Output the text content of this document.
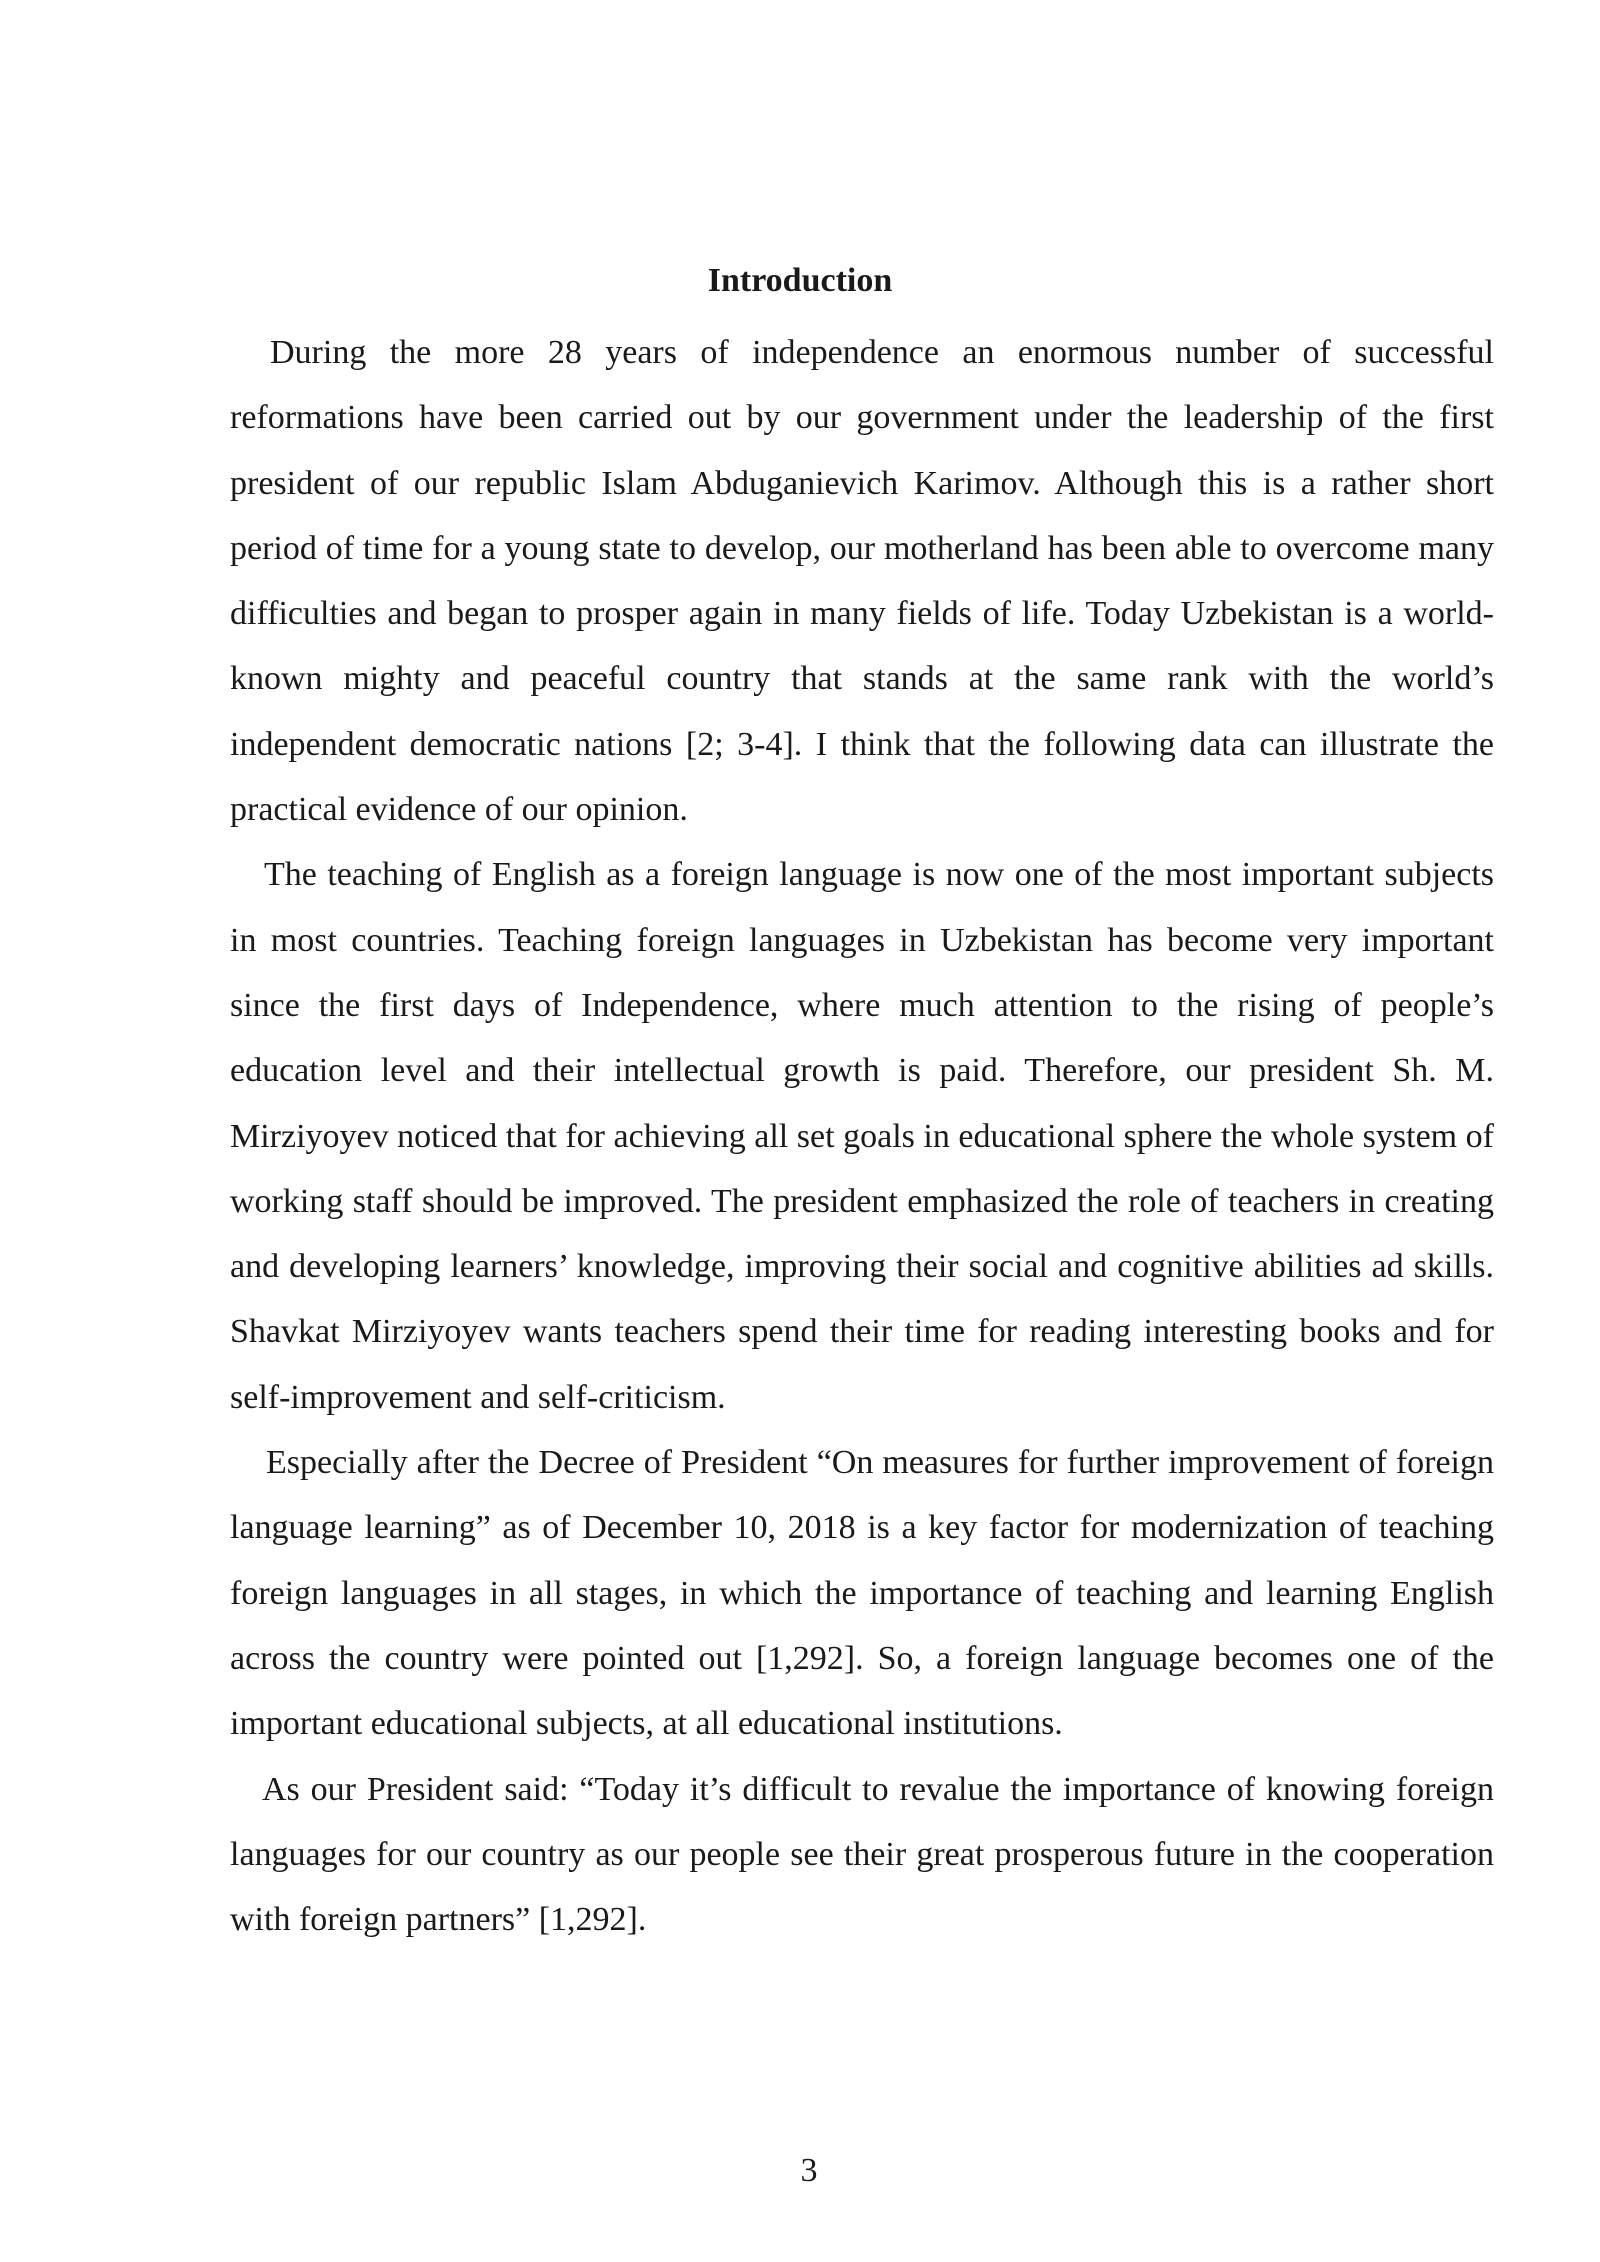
Introduction

During the more 28 years of independence an enormous number of successful reformations have been carried out by our government under the leadership of the first president of our republic Islam Abduganievich Karimov. Although this is a rather short period of time for a young state to develop, our motherland has been able to overcome many difficulties and began to prosper again in many fields of life. Today Uzbekistan is a world-known mighty and peaceful country that stands at the same rank with the world’s independent democratic nations [2; 3-4]. I think that the following data can illustrate the practical evidence of our opinion.

The teaching of English as a foreign language is now one of the most important subjects in most countries. Teaching foreign languages in Uzbekistan has become very important since the first days of Independence, where much attention to the rising of people’s education level and their intellectual growth is paid. Therefore, our president Sh. M. Mirziyoyev noticed that for achieving all set goals in educational sphere the whole system of working staff should be improved. The president emphasized the role of teachers in creating and developing learners’ knowledge, improving their social and cognitive abilities ad skills. Shavkat Mirziyoyev wants teachers spend their time for reading interesting books and for self-improvement and self-criticism.

Especially after the Decree of President “On measures for further improvement of foreign language learning” as of December 10, 2018 is a key factor for modernization of teaching foreign languages in all stages, in which the importance of teaching and learning English across the country were pointed out [1,292]. So, a foreign language becomes one of the important educational subjects, at all educational institutions.

As our President said: “Today it’s difficult to revalue the importance of knowing foreign languages for our country as our people see their great prosperous future in the cooperation with foreign partners” [1,292].

3
